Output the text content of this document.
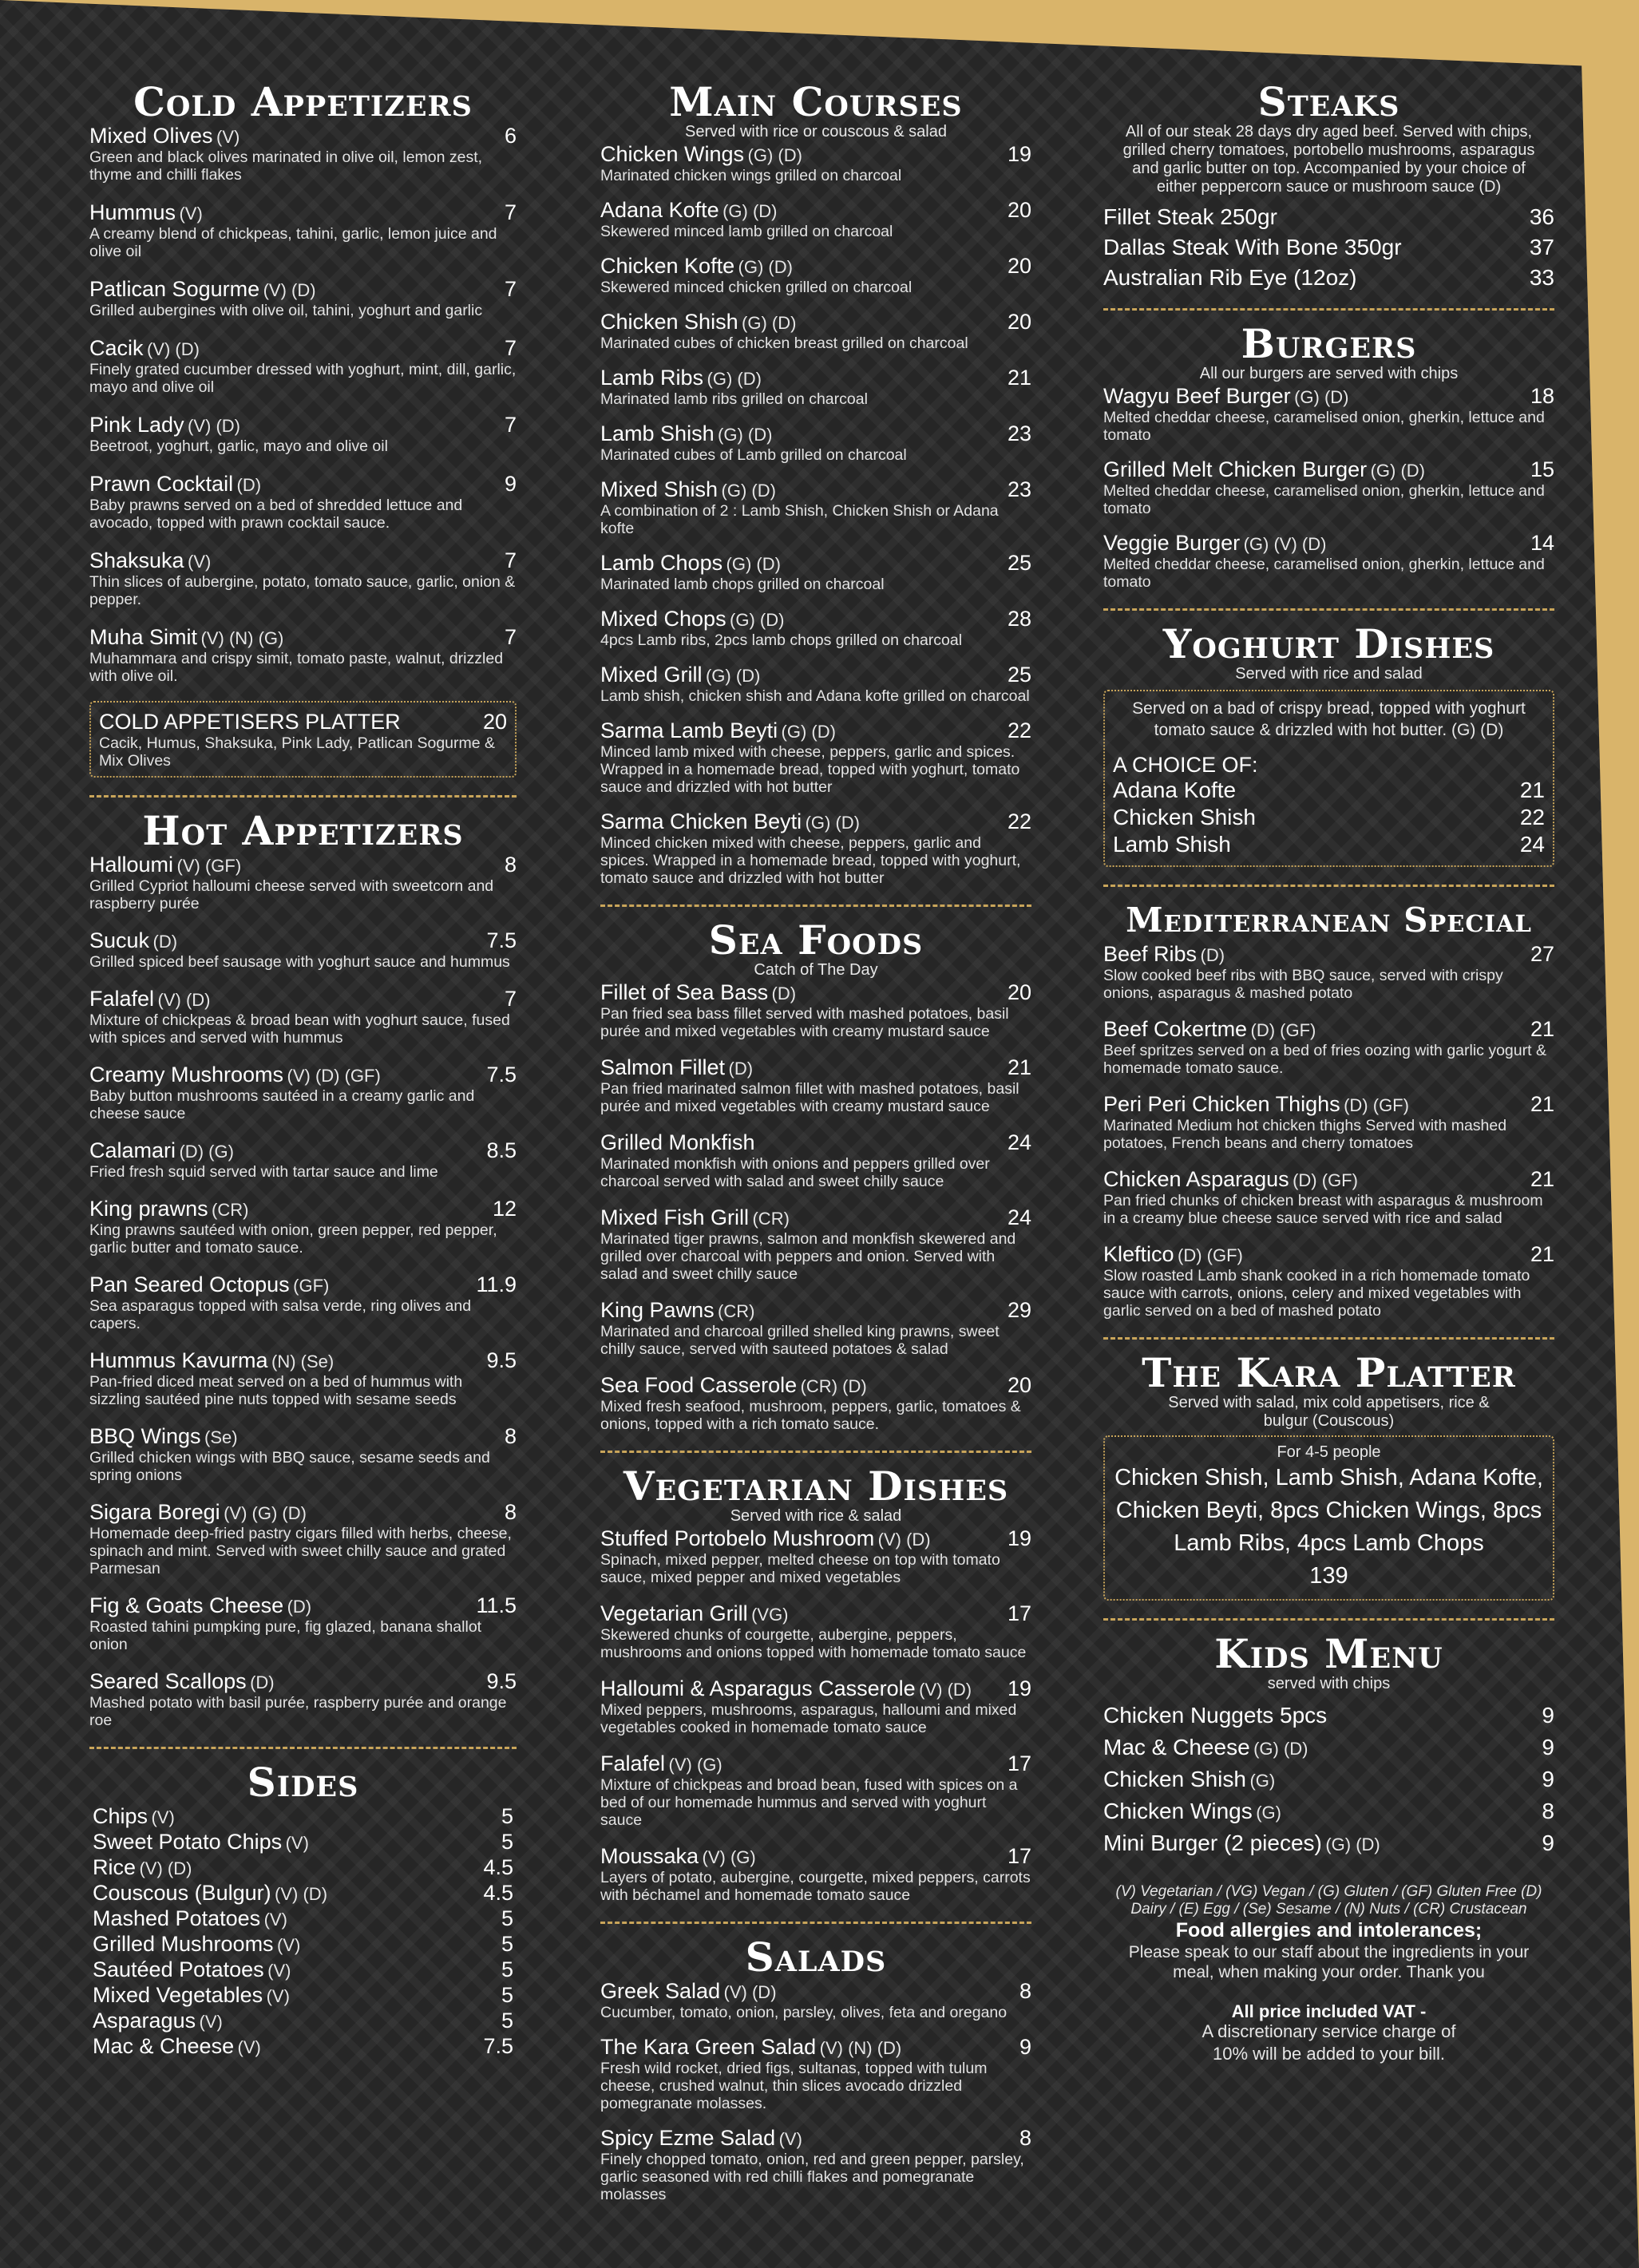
Cold Appetizers
Mixed Olives (V)	6
Green and black olives marinated in olive oil, lemon zest, thyme and chilli flakes
Hummus (V)	7
A creamy blend of chickpeas, tahini, garlic, lemon juice and olive oil
Patlican Sogurme (V) (D)	7
Grilled aubergines with olive oil, tahini, yoghurt and garlic
Cacik (V) (D)	7
Finely grated cucumber dressed with yoghurt, mint, dill, garlic, mayo and olive oil
Pink Lady (V) (D)	7
Beetroot, yoghurt, garlic, mayo and olive oil
Prawn Cocktail (D)	9
Baby prawns served on a bed of shredded lettuce and avocado, topped with prawn cocktail sauce.
Shaksuka (V)	7
Thin slices of aubergine, potato, tomato sauce, garlic, onion & pepper.
Muha Simit (V) (N) (G)	7
Muhammara and crispy simit, tomato paste, walnut, drizzled with olive oil.
COLD APPETISERS PLATTER	20
Cacik, Humus, Shaksuka, Pink Lady, Patlican Sogurme & Mix Olives
Hot Appetizers
Halloumi (V) (GF)	8
Grilled Cypriot halloumi cheese served with sweetcorn and raspberry purée
Sucuk (D)	7.5
Grilled spiced beef sausage with yoghurt sauce and hummus
Falafel (V) (D)	7
Mixture of chickpeas & broad bean with yoghurt sauce, fused with spices and served with hummus
Creamy Mushrooms (V) (D) (GF)	7.5
Baby button mushrooms sautéed in a creamy garlic and cheese sauce
Calamari (D) (G)	8.5
Fried fresh squid served with tartar sauce and lime
King prawns (CR)	12
King prawns sautéed with onion, green pepper, red pepper, garlic butter and tomato sauce.
Pan Seared Octopus (GF)	11.9
Sea asparagus topped with salsa verde, ring olives and capers.
Hummus Kavurma (N) (Se)	9.5
Pan-fried diced meat served on a bed of hummus with sizzling sautéed pine nuts topped with sesame seeds
BBQ Wings (Se)	8
Grilled chicken wings with BBQ sauce, sesame seeds and spring onions
Sigara Boregi (V) (G) (D)	8
Homemade deep-fried pastry cigars filled with herbs, cheese, spinach and mint. Served with sweet chilly sauce and grated Parmesan
Fig & Goats Cheese (D)	11.5
Roasted tahini pumpking pure, fig glazed, banana shallot onion
Seared Scallops (D)	9.5
Mashed potato with basil purée, raspberry purée and orange roe
Sides
Chips (V)	5
Sweet Potato Chips (V)	5
Rice (V) (D)	4.5
Couscous (Bulgur) (V) (D)	4.5
Mashed Potatoes (V)	5
Grilled Mushrooms (V)	5
Sautéed Potatoes (V)	5
Mixed Vegetables (V)	5
Asparagus (V)	5
Mac & Cheese (V)	7.5
Main Courses
Served with rice or couscous & salad
Chicken Wings (G) (D)	19
Marinated chicken wings grilled on charcoal
Adana Kofte (G) (D)	20
Skewered minced lamb grilled on charcoal
Chicken Kofte (G) (D)	20
Skewered minced chicken grilled on charcoal
Chicken Shish (G) (D)	20
Marinated cubes of chicken breast grilled on charcoal
Lamb Ribs (G) (D)	21
Marinated lamb ribs grilled on charcoal
Lamb Shish (G) (D)	23
Marinated cubes of Lamb grilled on charcoal
Mixed Shish (G) (D)	23
A combination of 2 : Lamb Shish, Chicken Shish or Adana kofte
Lamb Chops (G) (D)	25
Marinated lamb chops grilled on charcoal
Mixed Chops (G) (D)	28
4pcs Lamb ribs, 2pcs lamb chops grilled on charcoal
Mixed Grill (G) (D)	25
Lamb shish, chicken shish and Adana kofte grilled on charcoal
Sarma Lamb Beyti (G) (D)	22
Minced lamb mixed with cheese, peppers, garlic and spices. Wrapped in a homemade bread, topped with yoghurt, tomato sauce and drizzled with hot butter
Sarma Chicken Beyti (G) (D)	22
Minced chicken mixed with cheese, peppers, garlic and spices. Wrapped in a homemade bread, topped with yoghurt, tomato sauce and drizzled with hot butter
Sea Foods
Catch of The Day
Fillet of Sea Bass (D)	20
Pan fried sea bass fillet served with mashed potatoes, basil purée and mixed vegetables with creamy mustard sauce
Salmon Fillet (D)	21
Pan fried marinated salmon fillet with mashed potatoes, basil purée and mixed vegetables with creamy mustard sauce
Grilled Monkfish	24
Marinated monkfish with onions and peppers grilled over charcoal served with salad and sweet chilly sauce
Mixed Fish Grill (CR)	24
Marinated tiger prawns, salmon and monkfish skewered and grilled over charcoal with peppers and onion. Served with salad and sweet chilly sauce
King Pawns (CR)	29
Marinated and charcoal grilled shelled king prawns, sweet chilly sauce, served with sauteed potatoes & salad
Sea Food Casserole (CR) (D)	20
Mixed fresh seafood, mushroom, peppers, garlic, tomatoes & onions, topped with a rich tomato sauce.
Vegetarian Dishes
Served with rice & salad
Stuffed Portobelo Mushroom (V) (D)	19
Spinach, mixed pepper, melted cheese on top with tomato sauce, mixed pepper and mixed vegetables
Vegetarian Grill (VG)	17
Skewered chunks of courgette, aubergine, peppers, mushrooms and onions topped with homemade tomato sauce
Halloumi & Asparagus Casserole (V) (D) 19
Mixed peppers, mushrooms, asparagus, halloumi and mixed vegetables cooked in homemade tomato sauce
Falafel (V) (G)	17
Mixture of chickpeas and broad bean, fused with spices on a bed of our homemade hummus and served with yoghurt sauce
Moussaka (V) (G)	17
Layers of potato, aubergine, courgette, mixed peppers, carrots with béchamel and homemade tomato sauce
Salads
Greek Salad (V) (D)	8
Cucumber, tomato, onion, parsley, olives, feta and oregano
The Kara Green Salad (V) (N) (D)	9
Fresh wild rocket, dried figs, sultanas, topped with tulum cheese, crushed walnut, thin slices avocado drizzled pomegranate molasses.
Spicy Ezme Salad (V)	8
Finely chopped tomato, onion, red and green pepper, parsley, garlic seasoned with red chilli flakes and pomegranate molasses
Steaks
All of our steak 28 days dry aged beef. Served with chips, grilled cherry tomatoes, portobello mushrooms, asparagus and garlic butter on top. Accompanied by your choice of either peppercorn sauce or mushroom sauce (D)
Fillet Steak 250gr	36
Dallas Steak With Bone 350gr	37
Australian Rib Eye (12oz)	33
Burgers
All our burgers are served with chips
Wagyu Beef Burger (G) (D)	18
Melted cheddar cheese, caramelised onion, gherkin, lettuce and tomato
Grilled Melt Chicken Burger (G) (D)	15
Melted cheddar cheese, caramelised onion, gherkin, lettuce and tomato
Veggie Burger (G) (V) (D)	14
Melted cheddar cheese, caramelised onion, gherkin, lettuce and tomato
Yoghurt Dishes
Served with rice and salad
Served on a bad of crispy bread, topped with yoghurt tomato sauce & drizzled with hot butter. (G) (D)
A CHOICE OF:
Adana Kofte	21
Chicken Shish	22
Lamb Shish	24
Mediterranean Special
Beef Ribs (D)	27
Slow cooked beef ribs with BBQ sauce, served with crispy onions, asparagus & mashed potato
Beef Cokertme (D) (GF)	21
Beef spritzes served on a bed of fries oozing with garlic yogurt & homemade tomato sauce.
Peri Peri Chicken Thighs (D) (GF)	21
Marinated Medium hot chicken thighs Served with mashed potatoes, French beans and cherry tomatoes
Chicken Asparagus (D) (GF)	21
Pan fried chunks of chicken breast with asparagus & mushroom in a creamy blue cheese sauce served with rice and salad
Kleftico (D) (GF)	21
Slow roasted Lamb shank cooked in a rich homemade tomato sauce with carrots, onions, celery and mixed vegetables with garlic served on a bed of mashed potato
The Kara Platter
Served with salad, mix cold appetisers, rice & bulgur (Couscous)
For 4-5 people
Chicken Shish, Lamb Shish, Adana Kofte, Chicken Beyti, 8pcs Chicken Wings, 8pcs Lamb Ribs, 4pcs Lamb Chops
139
Kids Menu
served with chips
Chicken Nuggets 5pcs	9
Mac & Cheese (G) (D)	9
Chicken Shish (G)	9
Chicken Wings (G)	8
Mini Burger (2 pieces) (G) (D)	9
(V) Vegetarian / (VG) Vegan / (G) Gluten / (GF) Gluten Free (D) Dairy / (E) Egg / (Se) Sesame / (N) Nuts / (CR) Crustacean
Food allergies and intolerances;
Please speak to our staff about the ingredients in your meal, when making your order. Thank you
All price included VAT -
A discretionary service charge of 10% will be added to your bill.
